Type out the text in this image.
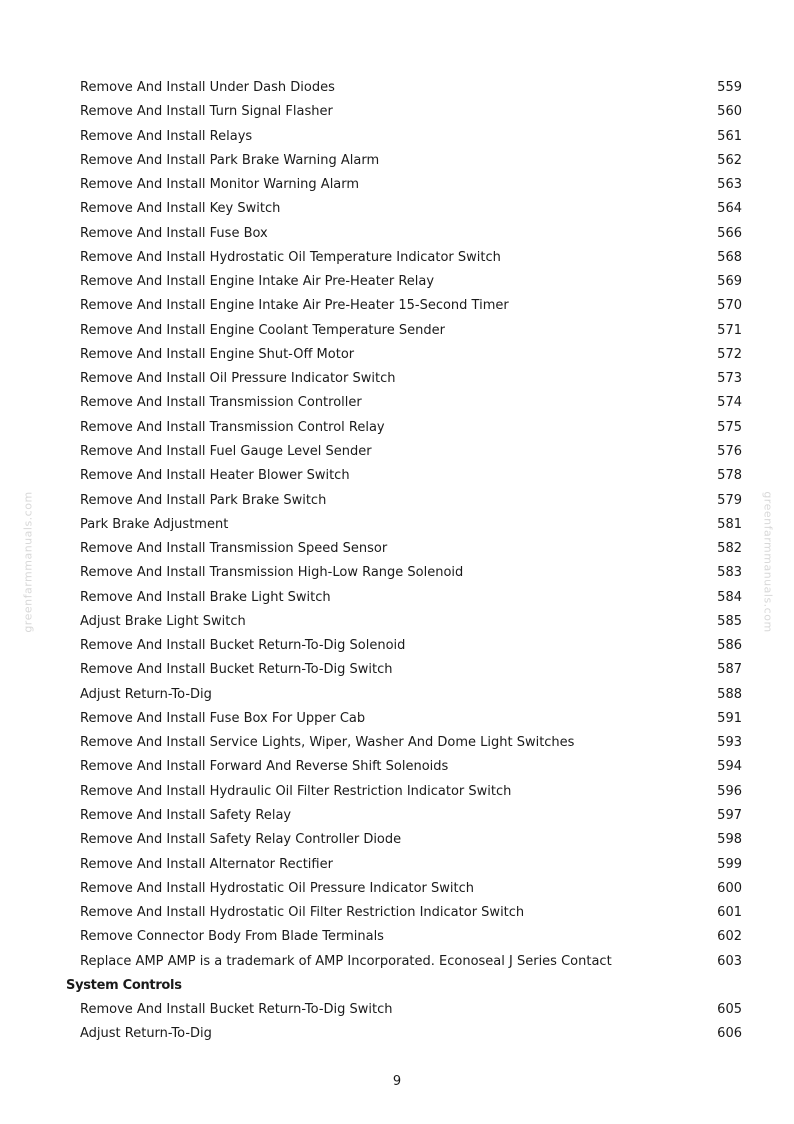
greenfarmmanuals.com	greenfarmmanuals.com
Remove And Install Under Dash Diodes	559
Remove And Install Turn Signal Flasher	560
Remove And Install Relays	561
Remove And Install Park Brake Warning Alarm	562
Remove And Install Monitor Warning Alarm	563
Remove And Install Key Switch	564
Remove And Install Fuse Box	566
Remove And Install Hydrostatic Oil Temperature Indicator Switch	568
Remove And Install Engine Intake Air Pre-Heater Relay	569
Remove And Install Engine Intake Air Pre-Heater 15-Second Timer	570
Remove And Install Engine Coolant Temperature Sender	571
Remove And Install Engine Shut-Off Motor	572
Remove And Install Oil Pressure Indicator Switch	573
Remove And Install Transmission Controller	574
Remove And Install Transmission Control Relay	575
Remove And Install Fuel Gauge Level Sender	576
Remove And Install Heater Blower Switch	578
Remove And Install Park Brake Switch	579
Park Brake Adjustment	581
Remove And Install Transmission Speed Sensor	582
Remove And Install Transmission High-Low Range Solenoid	583
Remove And Install Brake Light Switch	584
Adjust Brake Light Switch	585
Remove And Install Bucket Return-To-Dig Solenoid	586
Remove And Install Bucket Return-To-Dig Switch	587
Adjust Return-To-Dig	588
Remove And Install Fuse Box For Upper Cab	591
Remove And Install Service Lights, Wiper, Washer And Dome Light Switches	593
Remove And Install Forward And Reverse Shift Solenoids	594
Remove And Install Hydraulic Oil Filter Restriction Indicator Switch	596
Remove And Install Safety Relay	597
Remove And Install Safety Relay Controller Diode	598
Remove And Install Alternator Rectifier	599
Remove And Install Hydrostatic Oil Pressure Indicator Switch	600
Remove And Install Hydrostatic Oil Filter Restriction Indicator Switch	601
Remove Connector Body From Blade Terminals	602
Replace AMP AMP is a trademark of AMP Incorporated. Econoseal J Series Contact	603
System Controls
Remove And Install Bucket Return-To-Dig Switch	605
Adjust Return-To-Dig	606
9
